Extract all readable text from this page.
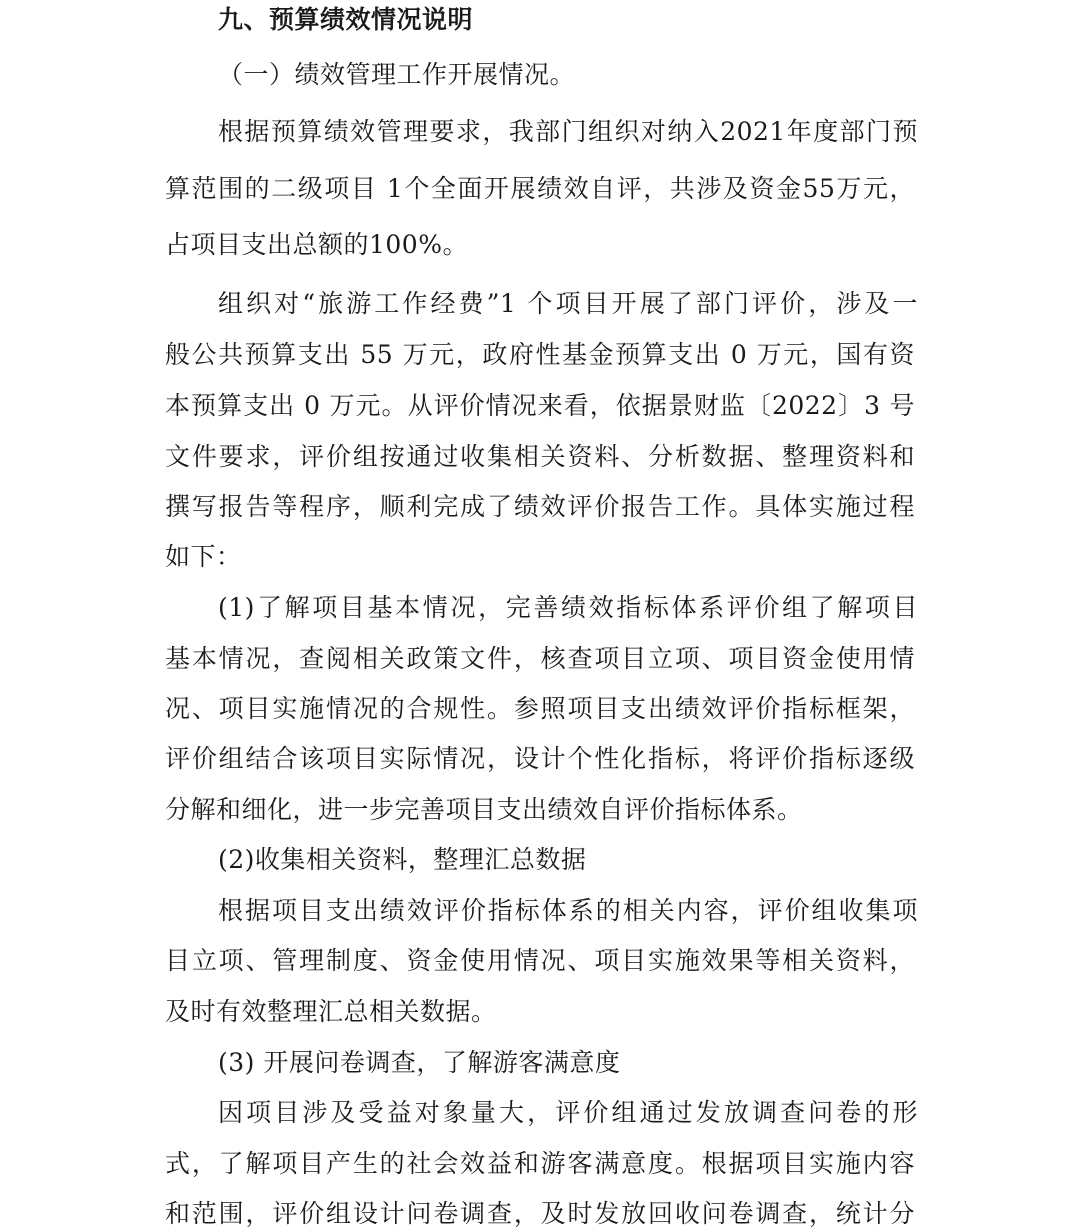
九、预算绩效情况说明
（一）绩效管理工作开展情况。
根据预算绩效管理要求，我部门组织对纳入2021年度部门预
算范围的二级项目 1个全面开展绩效自评，共涉及资金55万元，
占项目支出总额的100%。
组织对“旅游工作经费”1 个项目开展了部门评价，涉及一
般公共预算支出 55 万元，政府性基金预算支出 0 万元，国有资
本预算支出 0 万元。从评价情况来看，依据景财监〔2022〕3 号
文件要求，评价组按通过收集相关资料、分析数据、整理资料和
撰写报告等程序，顺利完成了绩效评价报告工作。具体实施过程
如下：
(1)了解项目基本情况，完善绩效指标体系评价组了解项目
基本情况，查阅相关政策文件，核查项目立项、项目资金使用情
况、项目实施情况的合规性。参照项目支出绩效评价指标框架，
评价组结合该项目实际情况，设计个性化指标，将评价指标逐级
分解和细化，进一步完善项目支出绩效自评价指标体系。
(2)收集相关资料，整理汇总数据
根据项目支出绩效评价指标体系的相关内容，评价组收集项
目立项、管理制度、资金使用情况、项目实施效果等相关资料，
及时有效整理汇总相关数据。
(3) 开展问卷调查，了解游客满意度
因项目涉及受益对象量大，评价组通过发放调查问卷的形
式，了解项目产生的社会效益和游客满意度。根据项目实施内容
和范围，评价组设计问卷调查，及时发放回收问卷调查，统计分
